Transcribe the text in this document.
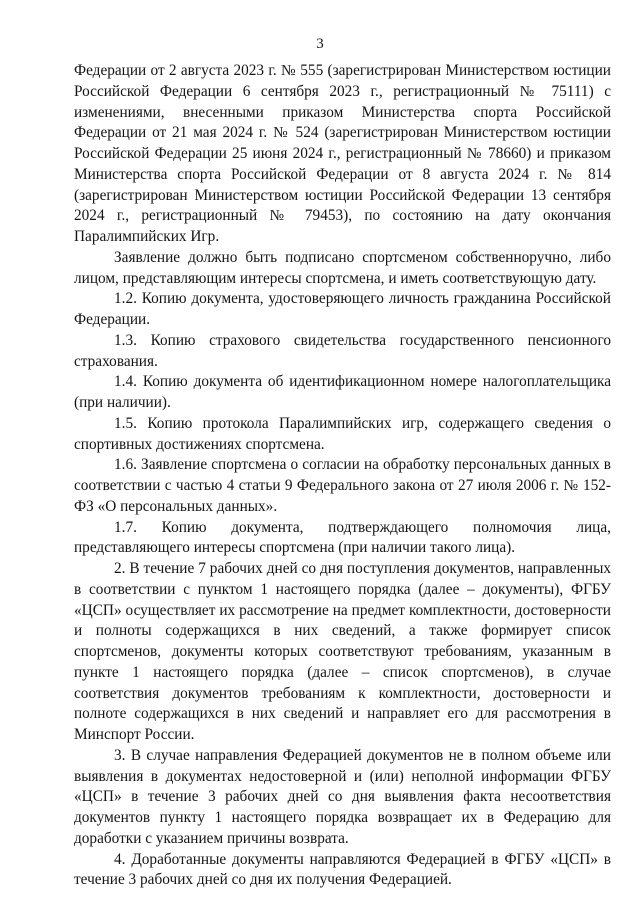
3

Федерации от 2 августа 2023 г. № 555 (зарегистрирован Министерством юстиции Российской Федерации 6 сентября 2023 г., регистрационный № 75111) с изменениями, внесенными приказом Министерства спорта Российской Федерации от 21 мая 2024 г. № 524 (зарегистрирован Министерством юстиции Российской Федерации 25 июня 2024 г., регистрационный № 78660) и приказом Министерства спорта Российской Федерации от 8 августа 2024 г. № 814 (зарегистрирован Министерством юстиции Российской Федерации 13 сентября 2024 г., регистрационный № 79453), по состоянию на дату окончания Паралимпийских Игр.

Заявление должно быть подписано спортсменом собственноручно, либо лицом, представляющим интересы спортсмена, и иметь соответствующую дату.

1.2. Копию документа, удостоверяющего личность гражданина Российской Федерации.

1.3. Копию страхового свидетельства государственного пенсионного страхования.

1.4. Копию документа об идентификационном номере налогоплательщика (при наличии).

1.5. Копию протокола Паралимпийских игр, содержащего сведения о спортивных достижениях спортсмена.

1.6. Заявление спортсмена о согласии на обработку персональных данных в соответствии с частью 4 статьи 9 Федерального закона от 27 июля 2006 г. № 152-ФЗ «О персональных данных».

1.7. Копию документа, подтверждающего полномочия лица, представляющего интересы спортсмена (при наличии такого лица).

2. В течение 7 рабочих дней со дня поступления документов, направленных в соответствии с пунктом 1 настоящего порядка (далее – документы), ФГБУ «ЦСП» осуществляет их рассмотрение на предмет комплектности, достоверности и полноты содержащихся в них сведений, а также формирует список спортсменов, документы которых соответствуют требованиям, указанным в пункте 1 настоящего порядка (далее – список спортсменов), в случае соответствия документов требованиям к комплектности, достоверности и полноте содержащихся в них сведений и направляет его для рассмотрения в Минспорт России.

3. В случае направления Федерацией документов не в полном объеме или выявления в документах недостоверной и (или) неполной информации ФГБУ «ЦСП» в течение 3 рабочих дней со дня выявления факта несоответствия документов пункту 1 настоящего порядка возвращает их в Федерацию для доработки с указанием причины возврата.

4. Доработанные документы направляются Федерацией в ФГБУ «ЦСП» в течение 3 рабочих дней со дня их получения Федерацией.
